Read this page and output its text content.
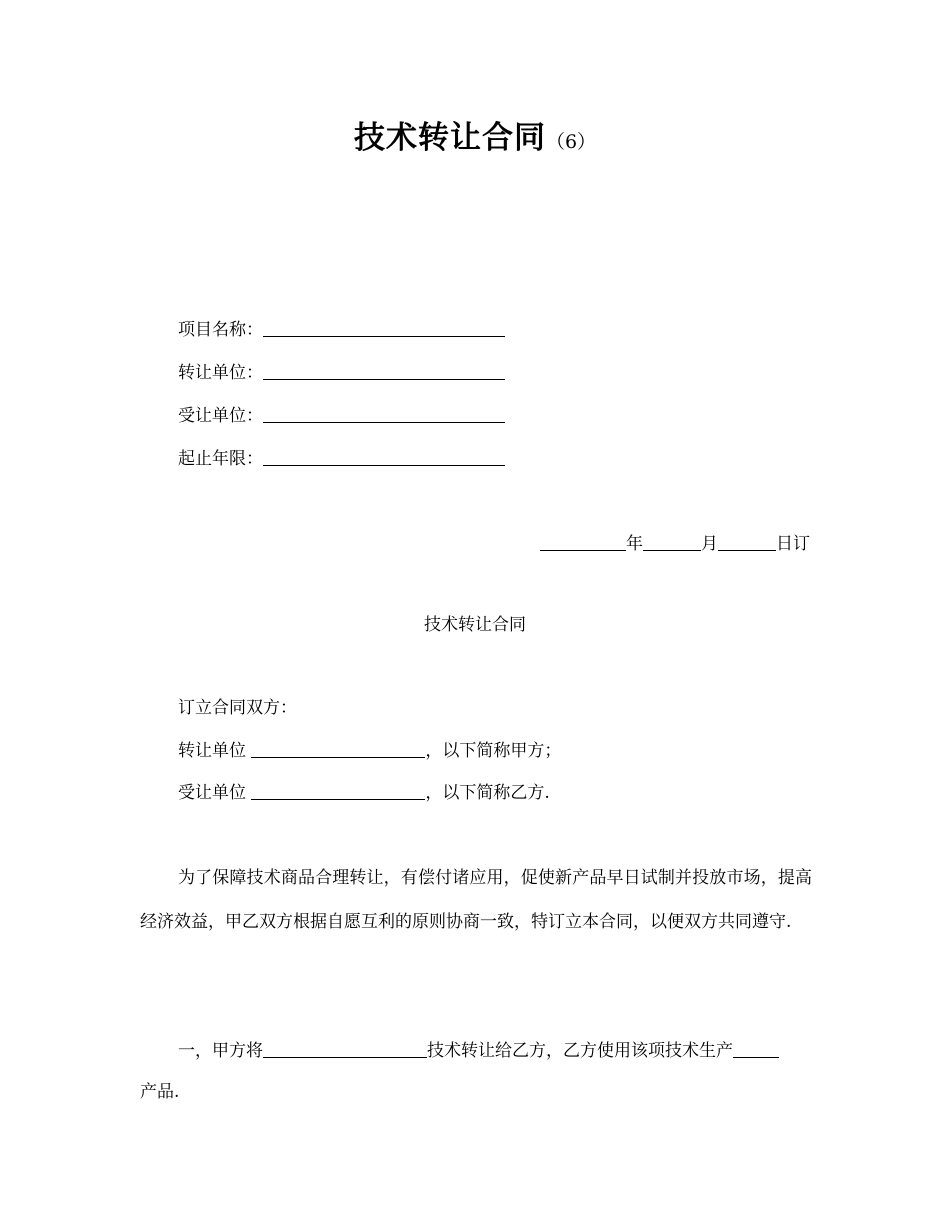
技术转让合同（6）
项目名称：
转让单位：
受让单位：
起止年限：
年	月	日订
技术转让合同
订立合同双方：
转让单位	，以下简称甲方；
受让单位	，以下简称乙方.
为了保障技术商品合理转让，有偿付诸应用，促使新产品早日试制并投放市场，提高经济效益，甲乙双方根据自愿互利的原则协商一致，特订立本合同，以便双方共同遵守.
一，甲方将	技术转让给乙方，乙方使用该项技术生产
产品.
